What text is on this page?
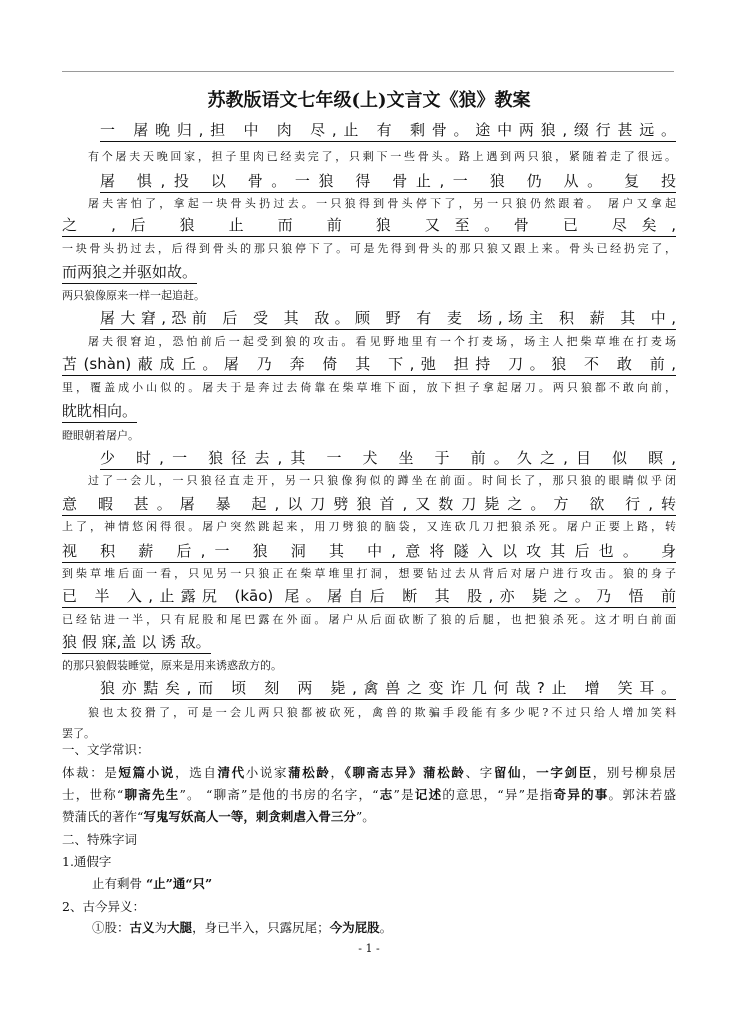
苏教版语文七年级(上)文言文《狼》教案
一 屠晚归,担 中 肉 尽,止 有 剩骨。途中两狼,缀行甚远。
有个屠夫天晚回家，担子里肉已经卖完了，只剩下一些骨头。路上遇到两只狼，紧随着走了很远。
屠 惧,投 以 骨。一狼 得 骨止,一 狼 仍 从。 复 投
屠夫害怕了，拿起一块骨头扔过去。一只狼得到骨头停下了，另一只狼仍然跟着。 屠户又拿起
之 ,后 狼 止 而 前 狼 又至。骨 已 尽矣,
一块骨头扔过去，后得到骨头的那只狼停下了。可是先得到骨头的那只狼又跟上来。骨头已经扔完了，
而两狼之并驱如故。
两只狼像原来一样一起追赶。
屠大窘,恐前 后 受 其 敌。顾 野 有 麦 场,场主 积 薪 其 中,
屠夫很窘迫，恐怕前后一起受到狼的攻击。看见野地里有一个打麦场，场主人把柴草堆在打麦场
苫(shàn)蔽成丘。屠 乃 奔 倚 其 下,弛 担持 刀。狼 不 敢 前,
里，覆盖成小山似的。屠夫于是奔过去倚靠在柴草堆下面，放下担子拿起屠刀。两只狼都不敢向前，
眈眈相向。
瞪眼朝着屠户。
少 时,一 狼径去,其 一 犬 坐 于 前。久之,目 似 瞑,
过了一会儿，一只狼径直走开，另一只狼像狗似的蹲坐在前面。时间长了，那只狼的眼睛似乎闭
意 暇 甚。屠 暴 起,以刀劈狼首,又数刀毙之。方 欲 行,转
上了，神情悠闲得很。屠户突然跳起来，用刀劈狼的脑袋，又连砍几刀把狼杀死。屠户正要上路，转
视 积 薪 后,一 狼 洞 其 中,意将隧入以攻其后也。 身
到柴草堆后面一看，只见另一只狼正在柴草堆里打洞，想要钻过去从背后对屠户进行攻击。狼的身子
已 半 入,止露尻 (kāo) 尾。屠自后 断 其 股,亦 毙之。乃 悟 前
已经钻进一半，只有屁股和尾巴露在外面。屠户从后面砍断了狼的后腿，也把狼杀死。这才明白前面
狼 假 寐,盖 以 诱 敌。
的那只狼假装睡觉，原来是用来诱惑敌方的。
狼亦黠矣,而 顷 刻 两 毙,禽兽之变诈几何哉?止 增 笑耳。
狼也太狡猾了，可是一会儿两只狼都被砍死，禽兽的欺骗手段能有多少呢?不过只给人增加笑料
罢了。
一、文学常识：
体裁：是短篇小说，选自清代小说家蒲松龄，《聊斋志异》蒲松龄、字留仙，一字剑臣，别号柳泉居
士，世称“聊斋先生”。 “聊斋”是他的书房的名字，“志”是记述的意思，“异”是指奇异的事。郭沫若盛
赞蒲氏的著作“写鬼写妖高人一等，刺贪刺虐入骨三分”。
二、特殊字词
1.通假字
止有剩骨 “止”通“只”
2、古今异义：
①股：古义为大腿，身已半入，只露尻尾；今为屁股。
- 1 -
